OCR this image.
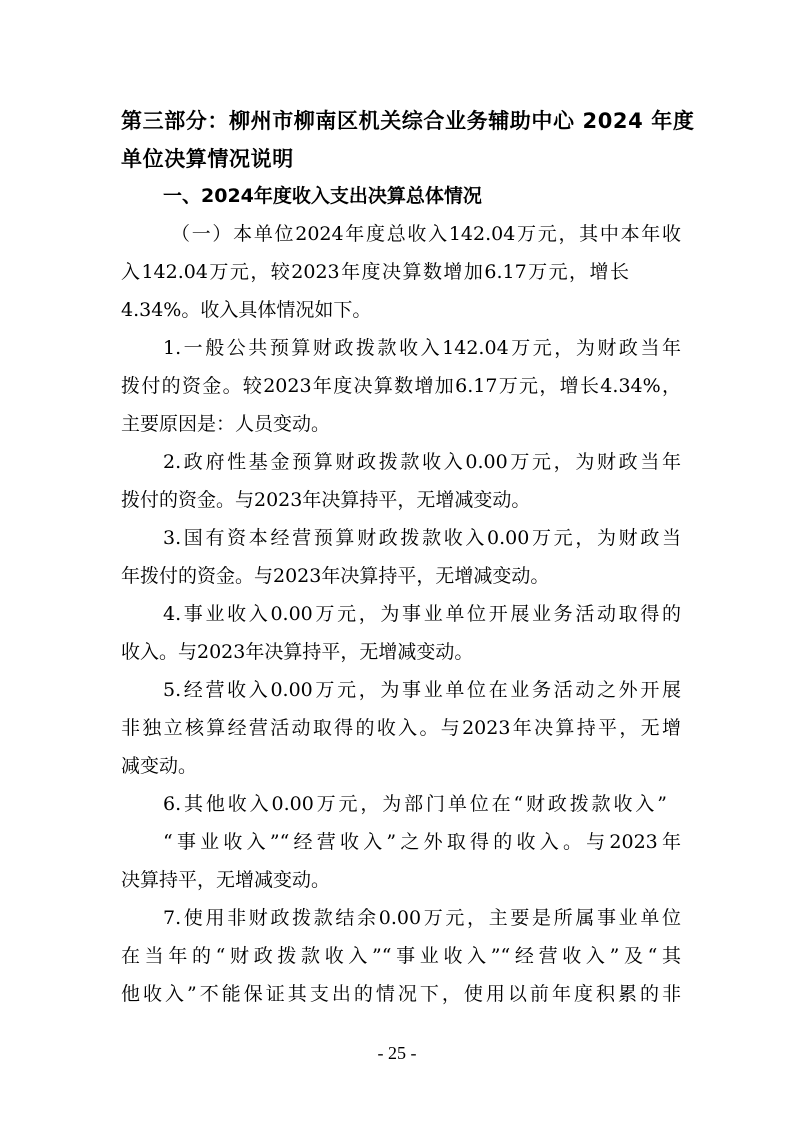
第三部分：柳州市柳南区机关综合业务辅助中心 2024 年度
单位决算情况说明
一、2024年度收入支出决算总体情况

（一）本单位2024年度总收入142.04万元，其中本年收
入142.04万元，较2023年度决算数增加6.17万元，增长
4.34%。收入具体情况如下。

1.一般公共预算财政拨款收入142.04万元，为财政当年
拨付的资金。较2023年度决算数增加6.17万元，增长4.34%，
主要原因是：人员变动。

2.政府性基金预算财政拨款收入0.00万元，为财政当年
拨付的资金。与2023年决算持平，无增减变动。

3.国有资本经营预算财政拨款收入0.00万元，为财政当
年拨付的资金。与2023年决算持平，无增减变动。

4.事业收入0.00万元，为事业单位开展业务活动取得的
收入。与2023年决算持平，无增减变动。

5.经营收入0.00万元，为事业单位在业务活动之外开展
非独立核算经营活动取得的收入。与2023年决算持平，无增
减变动。

6.其他收入0.00万元，为部门单位在“财政拨款收入”
“事业收入”“经营收入”之外取得的收入。与2023年
决算持平，无增减变动。

7.使用非财政拨款结余0.00万元，主要是所属事业单位
在当年的“财政拨款收入”“事业收入”“经营收入”及“其
他收入”不能保证其支出的情况下，使用以前年度积累的非

- 25 -
